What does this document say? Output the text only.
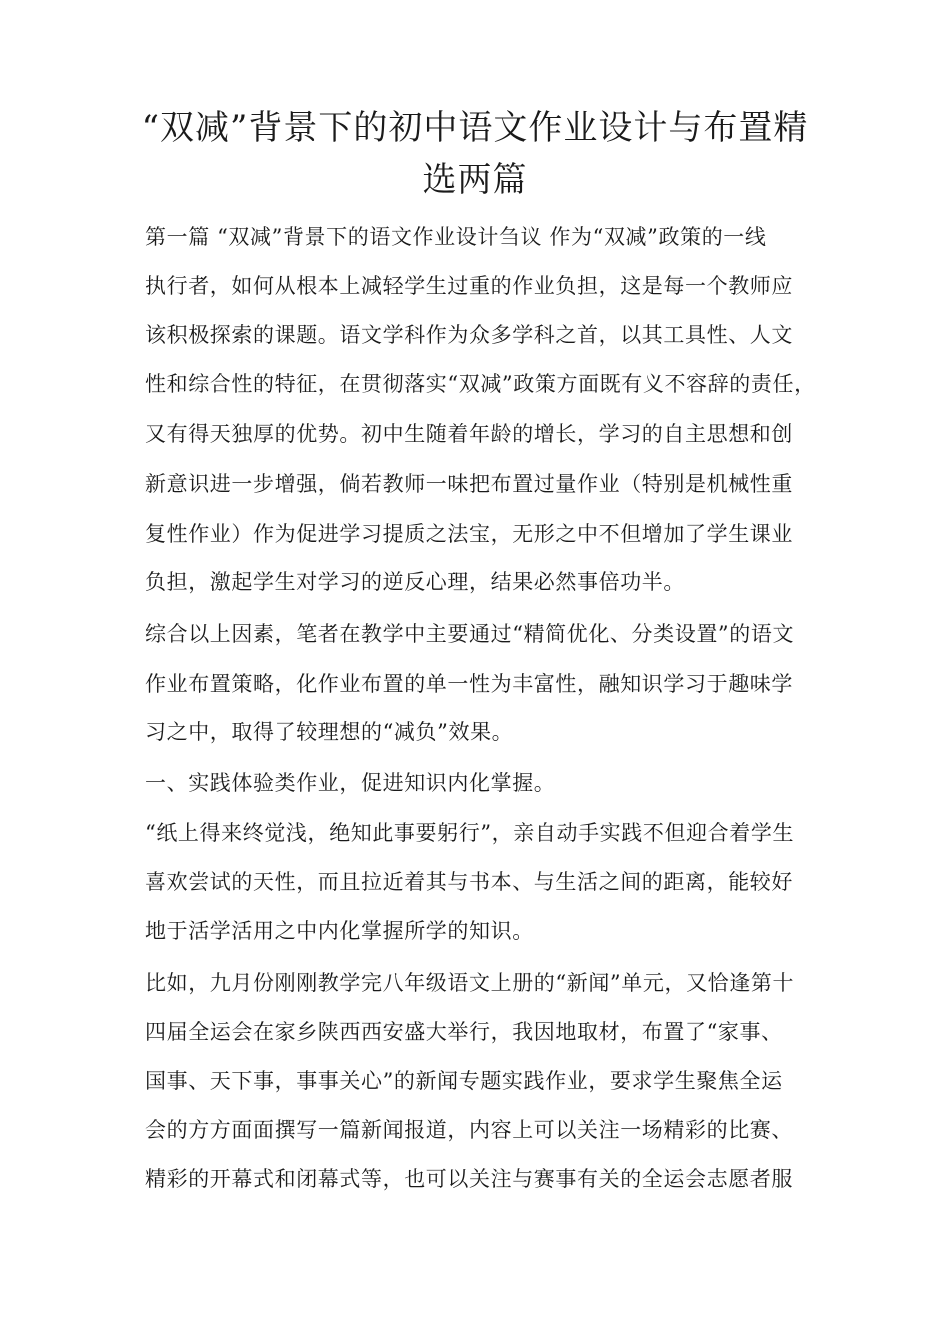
“双减”背景下的初中语文作业设计与布置精
选两篇
第一篇 “双减”背景下的语文作业设计刍议 作为“双减”政策的一线
执行者，如何从根本上减轻学生过重的作业负担，这是每一个教师应
该积极探索的课题。语文学科作为众多学科之首，以其工具性、人文
性和综合性的特征，在贯彻落实“双减”政策方面既有义不容辞的责任，
又有得天独厚的优势。初中生随着年龄的增长，学习的自主思想和创
新意识进一步增强，倘若教师一味把布置过量作业（特别是机械性重
复性作业）作为促进学习提质之法宝，无形之中不但增加了学生课业
负担，激起学生对学习的逆反心理，结果必然事倍功半。
综合以上因素，笔者在教学中主要通过“精简优化、分类设置”的语文
作业布置策略，化作业布置的单一性为丰富性，融知识学习于趣味学
习之中，取得了较理想的“减负”效果。
一、实践体验类作业，促进知识内化掌握。
“纸上得来终觉浅，绝知此事要躬行”，亲自动手实践不但迎合着学生
喜欢尝试的天性，而且拉近着其与书本、与生活之间的距离，能较好
地于活学活用之中内化掌握所学的知识。
比如，九月份刚刚教学完八年级语文上册的“新闻”单元，又恰逢第十
四届全运会在家乡陕西西安盛大举行，我因地取材，布置了“家事、
国事、天下事，事事关心”的新闻专题实践作业，要求学生聚焦全运
会的方方面面撰写一篇新闻报道，内容上可以关注一场精彩的比赛、
精彩的开幕式和闭幕式等，也可以关注与赛事有关的全运会志愿者服
